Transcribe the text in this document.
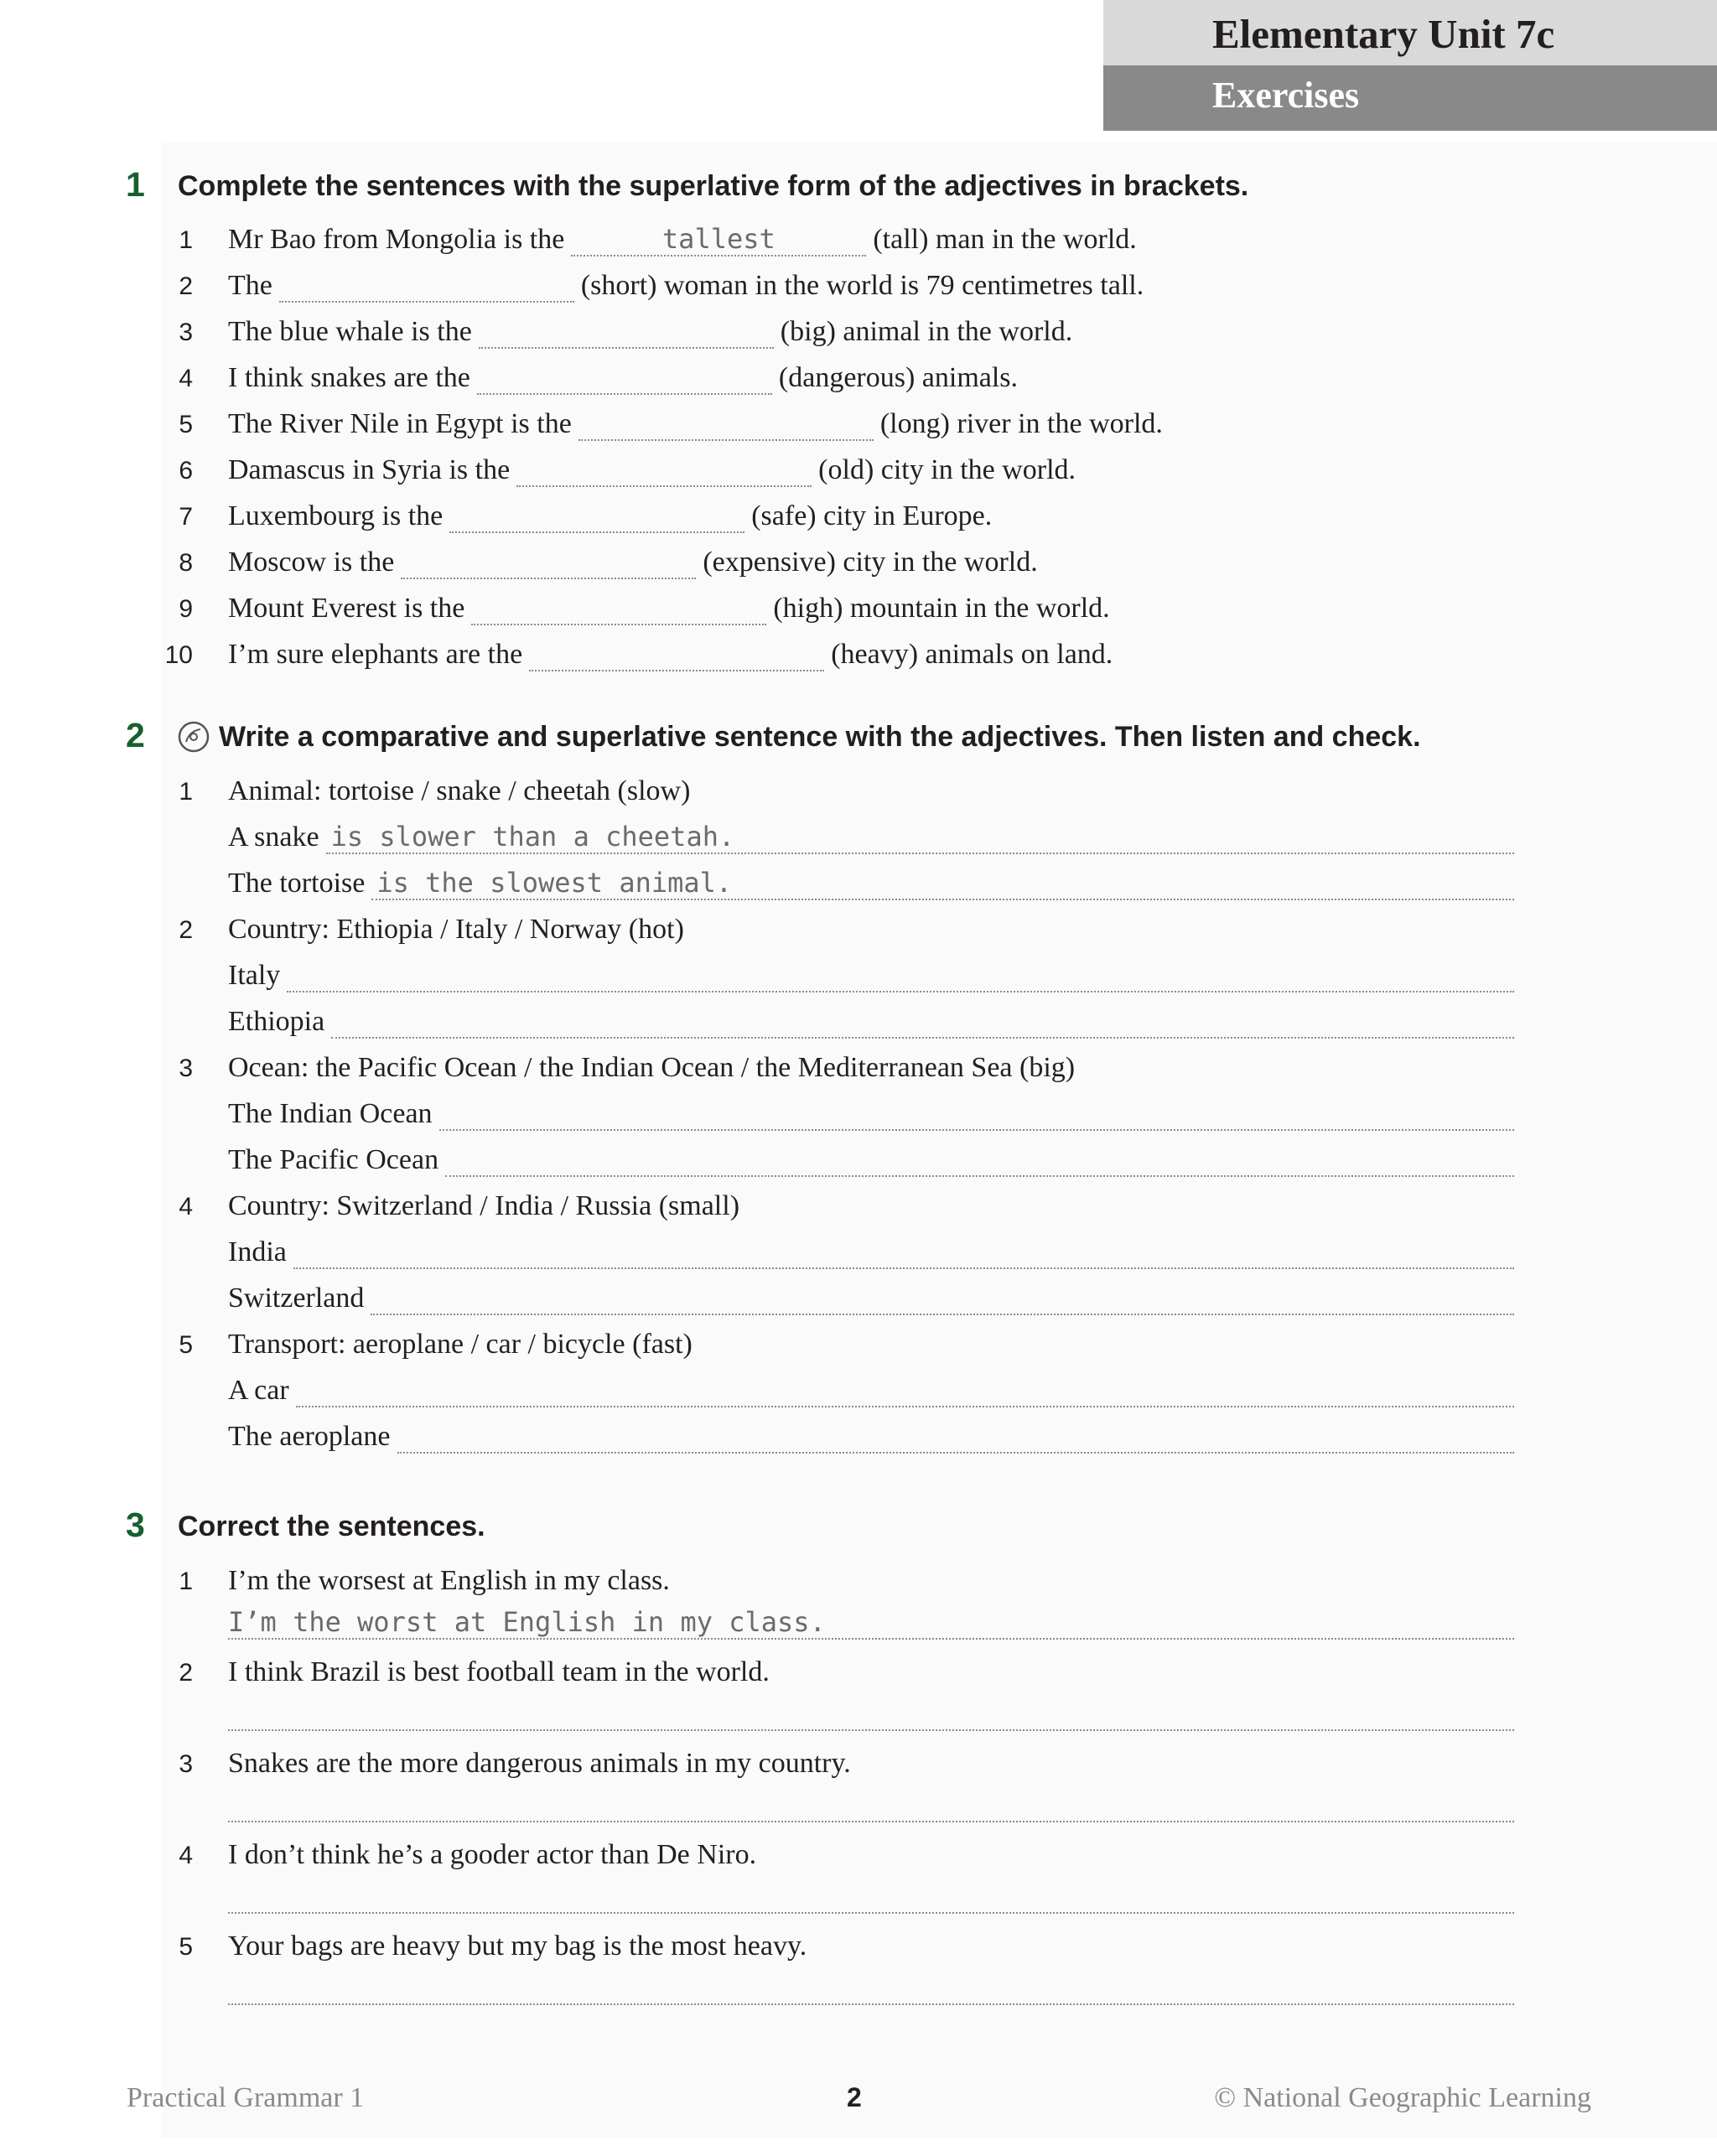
Elementary Unit 7c
Exercises
1 Complete the sentences with the superlative form of the adjectives in brackets.
1 Mr Bao from Mongolia is the	tallest	(tall) man in the world.
2 The	(short) woman in the world is 79 centimetres tall.
3 The blue whale is the	(big) animal in the world.
4 I think snakes are the	(dangerous) animals.
5 The River Nile in Egypt is the	(long) river in the world.
6 Damascus in Syria is the	(old) city in the world.
7 Luxembourg is the	(safe) city in Europe.
8 Moscow is the	(expensive) city in the world.
9 Mount Everest is the	(high) mountain in the world.
10 I’m sure elephants are the	(heavy) animals on land.
2	Write a comparative and superlative sentence with the adjectives. Then listen and check.
1 Animal: tortoise / snake / cheetah (slow)
A snake is slower than a cheetah.
The tortoise is the slowest animal.
2 Country: Ethiopia / Italy / Norway (hot)
Italy
Ethiopia
3 Ocean: the Pacific Ocean / the Indian Ocean / the Mediterranean Sea (big)
The Indian Ocean
The Pacific Ocean
4 Country: Switzerland / India / Russia (small)
India
Switzerland
5 Transport: aeroplane / car / bicycle (fast)
A car
The aeroplane
3 Correct the sentences.
1 I’m the worsest at English in my class.
I’m the worst at English in my class.
2 I think Brazil is best football team in the world.
3 Snakes are the more dangerous animals in my country.
4 I don’t think he’s a gooder actor than De Niro.
5 Your bags are heavy but my bag is the most heavy.
Practical Grammar 1	2	© National Geographic Learning
